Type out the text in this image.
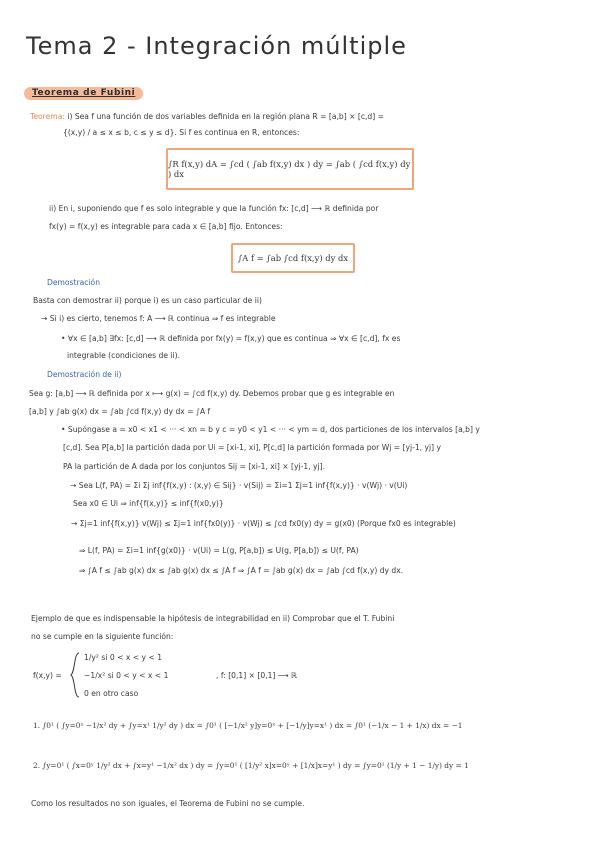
Tema 2 - Integración múltiple
Teorema de Fubini
Teorema: i) Sea f una función de dos variables definida en la región plana R = [a,b] × [c,d] =
{(x,y) / a ≤ x ≤ b, c ≤ y ≤ d}. Si f es continua en R, entonces:
∫R f(x,y) dA = ∫cd ( ∫ab f(x,y) dx ) dy = ∫ab ( ∫cd f(x,y) dy ) dx
ii) En i, suponiendo que f es solo integrable y que la función fx: [c,d] ⟶ ℝ definida por
fx(y) = f(x,y) es integrable para cada x ∈ [a,b] fijo. Entonces:
∫A f = ∫ab ∫cd f(x,y) dy dx
Demostración
Basta con demostrar ii) porque i) es un caso particular de ii)
→ Si i) es cierto, tenemos f: A ⟶ ℝ continua ⇒ f es integrable
• ∀x ∈ [a,b] ∃fx: [c,d] ⟶ ℝ definida por fx(y) = f(x,y) que es continua ⇒ ∀x ∈ [c,d], fx es
integrable (condiciones de ii).
Demostración de ii)
Sea g: [a,b] ⟶ ℝ definida por x ⟼ g(x) = ∫cd f(x,y) dy. Debemos probar que g es integrable en
[a,b] y ∫ab g(x) dx = ∫ab ∫cd f(x,y) dy dx = ∫A f
• Supóngase a = x0 < x1 < ··· < xn = b y c = y0 < y1 < ··· < ym = d, dos particiones de los intervalos [a,b] y
[c,d]. Sea P[a,b] la partición dada por Ui = [xi-1, xi], P[c,d] la partición formada por Wj = [yj-1, yj] y
PA la partición de A dada por los conjuntos Sij = [xi-1, xi] × [yj-1, yj].
→ Sea L(f, PA) = Σi Σj inf{f(x,y) : (x,y) ∈ Sij} · v(Sij) = Σi=1 Σj=1 inf{f(x,y)} · v(Wj) · v(Ui)
Sea x0 ∈ Ui ⇒ inf{f(x,y)} ≤ inf{f(x0,y)}
→ Σj=1 inf{f(x,y)} v(Wj) ≤ Σj=1 inf{fx0(y)} · v(Wj) ≤ ∫cd fx0(y) dy = g(x0) (Porque fx0 es integrable)
⇒ L(f, PA) = Σi=1 inf{g(x0)} · v(Ui) = L(g, P[a,b]) ≤ U(g, P[a,b]) ≤ U(f, PA)
⇒ ∫A f ≤ ∫ab g(x) dx ≤ ∫ab g(x) dx ≤ ∫A f ⇒ ∫A f = ∫ab g(x) dx = ∫ab ∫cd f(x,y) dy dx.
Ejemplo de que es indispensable la hipótesis de integrabilidad en ii) Comprobar que el T. Fubini
no se cumple en la siguiente función:
f(x,y) =
1/y² si 0 < x < y < 1
−1/x² si 0 < y < x < 1
0 en otro caso
, f: [0,1] × [0,1] ⟶ ℝ
1. ∫0¹ ( ∫y=0ˣ −1/x² dy + ∫y=x¹ 1/y² dy ) dx = ∫0¹ ( [−1/x² y]y=0ˣ + [−1/y]y=x¹ ) dx = ∫0¹ (−1/x − 1 + 1/x) dx = −1
2. ∫y=0¹ ( ∫x=0ʸ 1/y² dx + ∫x=y¹ −1/x² dx ) dy = ∫y=0¹ ( [1/y² x]x=0ʸ + [1/x]x=y¹ ) dy = ∫y=0¹ (1/y + 1 − 1/y) dy = 1
Como los resultados no son iguales, el Teorema de Fubini no se cumple.
